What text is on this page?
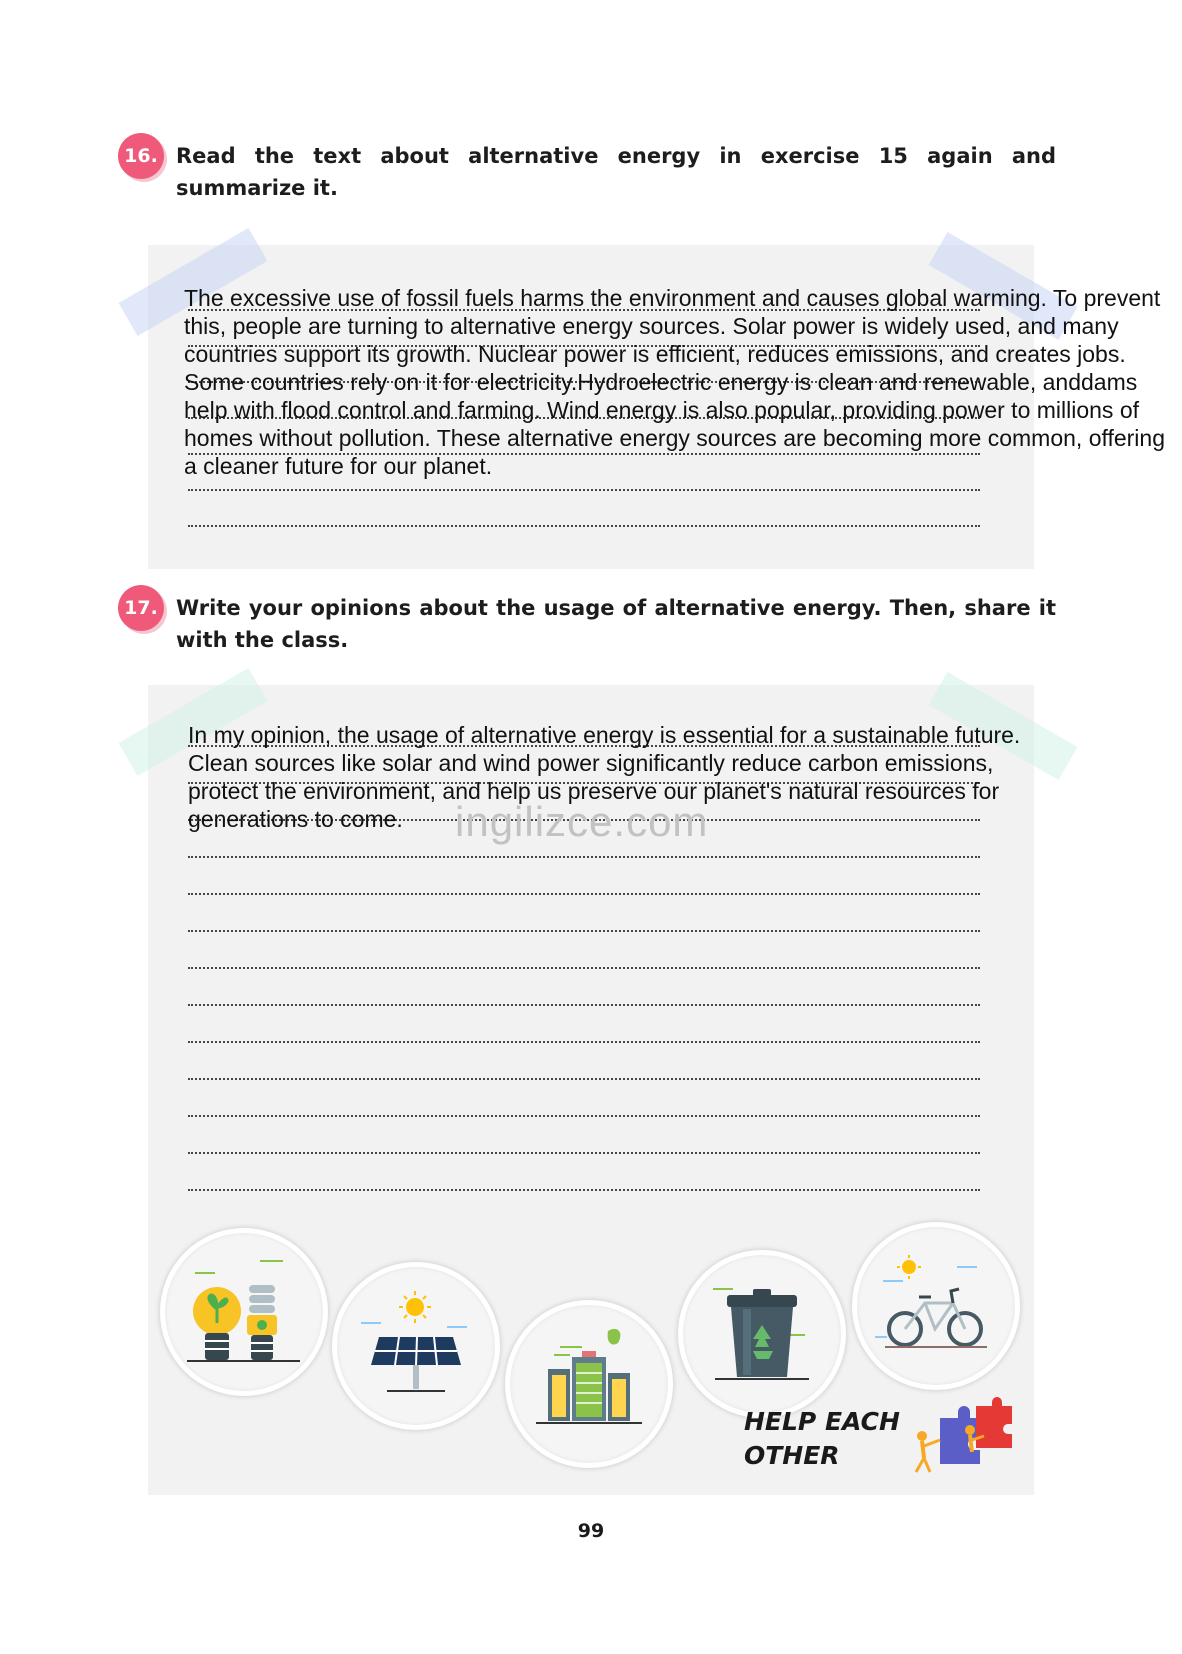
16. Read the text about alternative energy in exercise 15 again and summarize it.
The excessive use of fossil fuels harms the environment and causes global warming. To prevent this, people are turning to alternative energy sources. Solar power is widely used, and many countries support its growth. Nuclear power is efficient, reduces emissions, and creates jobs. Some countries rely on it for electricity.Hydroelectric energy is clean and renewable, anddams help with flood control and farming. Wind energy is also popular, providing power to millions of homes without pollution. These alternative energy sources are becoming more common, offering a cleaner future for our planet.
17. Write your opinions about the usage of alternative energy. Then, share it with the class.
In my opinion, the usage of alternative energy is essential for a sustainable future. Clean sources like solar and wind power significantly reduce carbon emissions, protect the environment, and help us preserve our planet's natural resources for generations to come.	ingilizce.com
HELP EACH
OTHER
99
